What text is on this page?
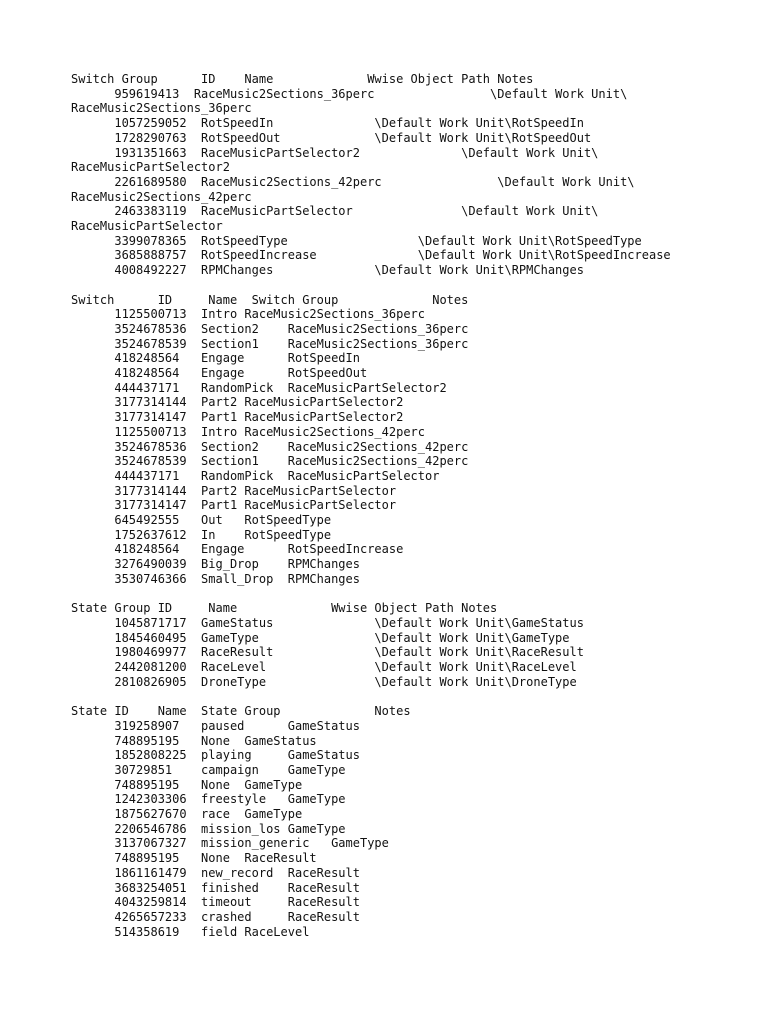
Switch Group      ID    Name             Wwise Object Path Notes
959619413  RaceMusic2Sections_36perc                \Default Work Unit\
RaceMusic2Sections_36perc
1057259052  RotSpeedIn              \Default Work Unit\RotSpeedIn
1728290763  RotSpeedOut             \Default Work Unit\RotSpeedOut
1931351663  RaceMusicPartSelector2              \Default Work Unit\
RaceMusicPartSelector2
2261689580  RaceMusic2Sections_42perc                \Default Work Unit\
RaceMusic2Sections_42perc
2463383119  RaceMusicPartSelector               \Default Work Unit\
RaceMusicPartSelector
3399078365  RotSpeedType                  \Default Work Unit\RotSpeedType
3685888757  RotSpeedIncrease              \Default Work Unit\RotSpeedIncrease
4008492227  RPMChanges              \Default Work Unit\RPMChanges
Switch      ID     Name  Switch Group             Notes
1125500713  Intro RaceMusic2Sections_36perc
3524678536  Section2    RaceMusic2Sections_36perc
3524678539  Section1    RaceMusic2Sections_36perc
418248564   Engage      RotSpeedIn
418248564   Engage      RotSpeedOut
444437171   RandomPick  RaceMusicPartSelector2
3177314144  Part2 RaceMusicPartSelector2
3177314147  Part1 RaceMusicPartSelector2
1125500713  Intro RaceMusic2Sections_42perc
3524678536  Section2    RaceMusic2Sections_42perc
3524678539  Section1    RaceMusic2Sections_42perc
444437171   RandomPick  RaceMusicPartSelector
3177314144  Part2 RaceMusicPartSelector
3177314147  Part1 RaceMusicPartSelector
645492555   Out   RotSpeedType
1752637612  In    RotSpeedType
418248564   Engage      RotSpeedIncrease
3276490039  Big_Drop    RPMChanges
3530746366  Small_Drop  RPMChanges
State Group ID     Name             Wwise Object Path Notes
1045871717  GameStatus              \Default Work Unit\GameStatus
1845460495  GameType                \Default Work Unit\GameType
1980469977  RaceResult              \Default Work Unit\RaceResult
2442081200  RaceLevel               \Default Work Unit\RaceLevel
2810826905  DroneType               \Default Work Unit\DroneType
State ID    Name  State Group             Notes
319258907   paused      GameStatus
748895195   None  GameStatus
1852808225  playing     GameStatus
30729851    campaign    GameType
748895195   None  GameType
1242303306  freestyle   GameType
1875627670  race  GameType
2206546786  mission_los GameType
3137067327  mission_generic   GameType
748895195   None  RaceResult
1861161479  new_record  RaceResult
3683254051  finished    RaceResult
4043259814  timeout     RaceResult
4265657233  crashed     RaceResult
514358619   field RaceLevel
